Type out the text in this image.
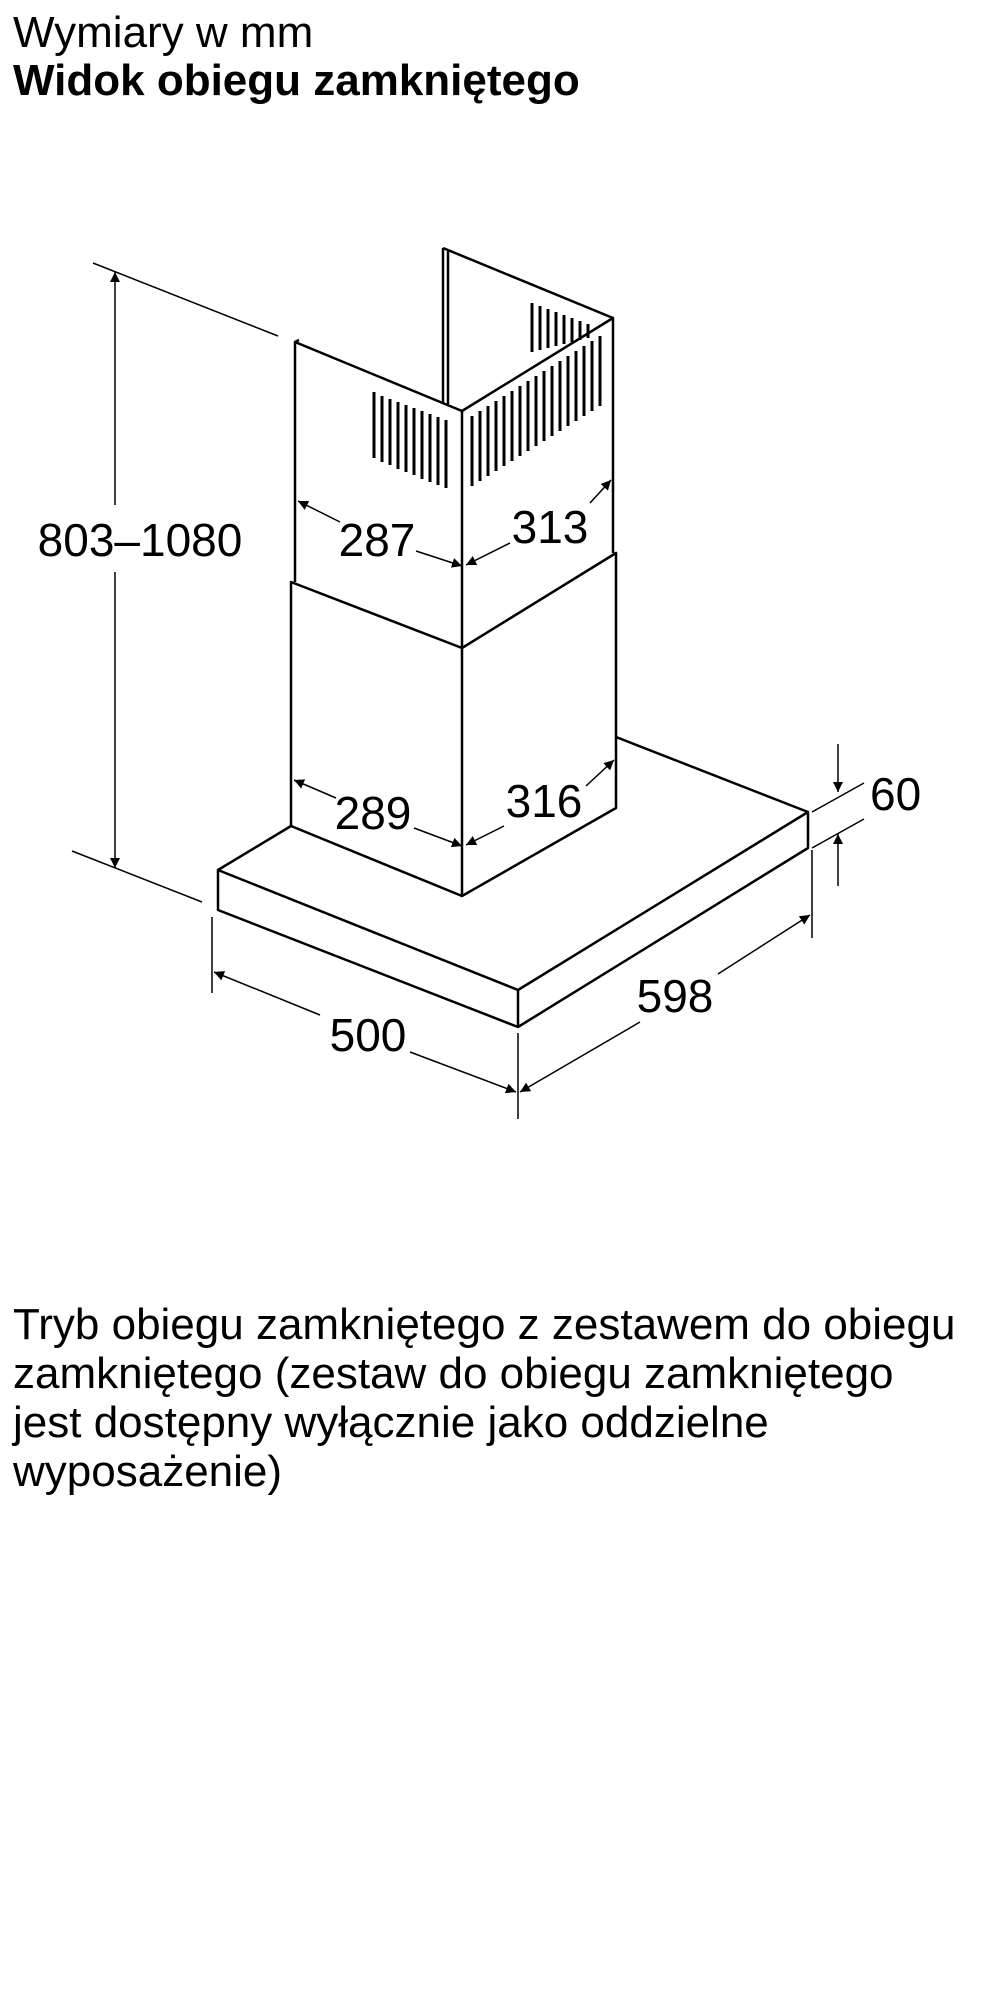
Wymiary w mm
Widok obiegu zamkniętego
803–1080 287 313
289 316	60
500
598
Tryb obiegu zamkniętego z zestawem do obiegu zamkniętego (zestaw do obiegu zamkniętego jest dostępny wyłącznie jako oddzielne wyposażenie)
